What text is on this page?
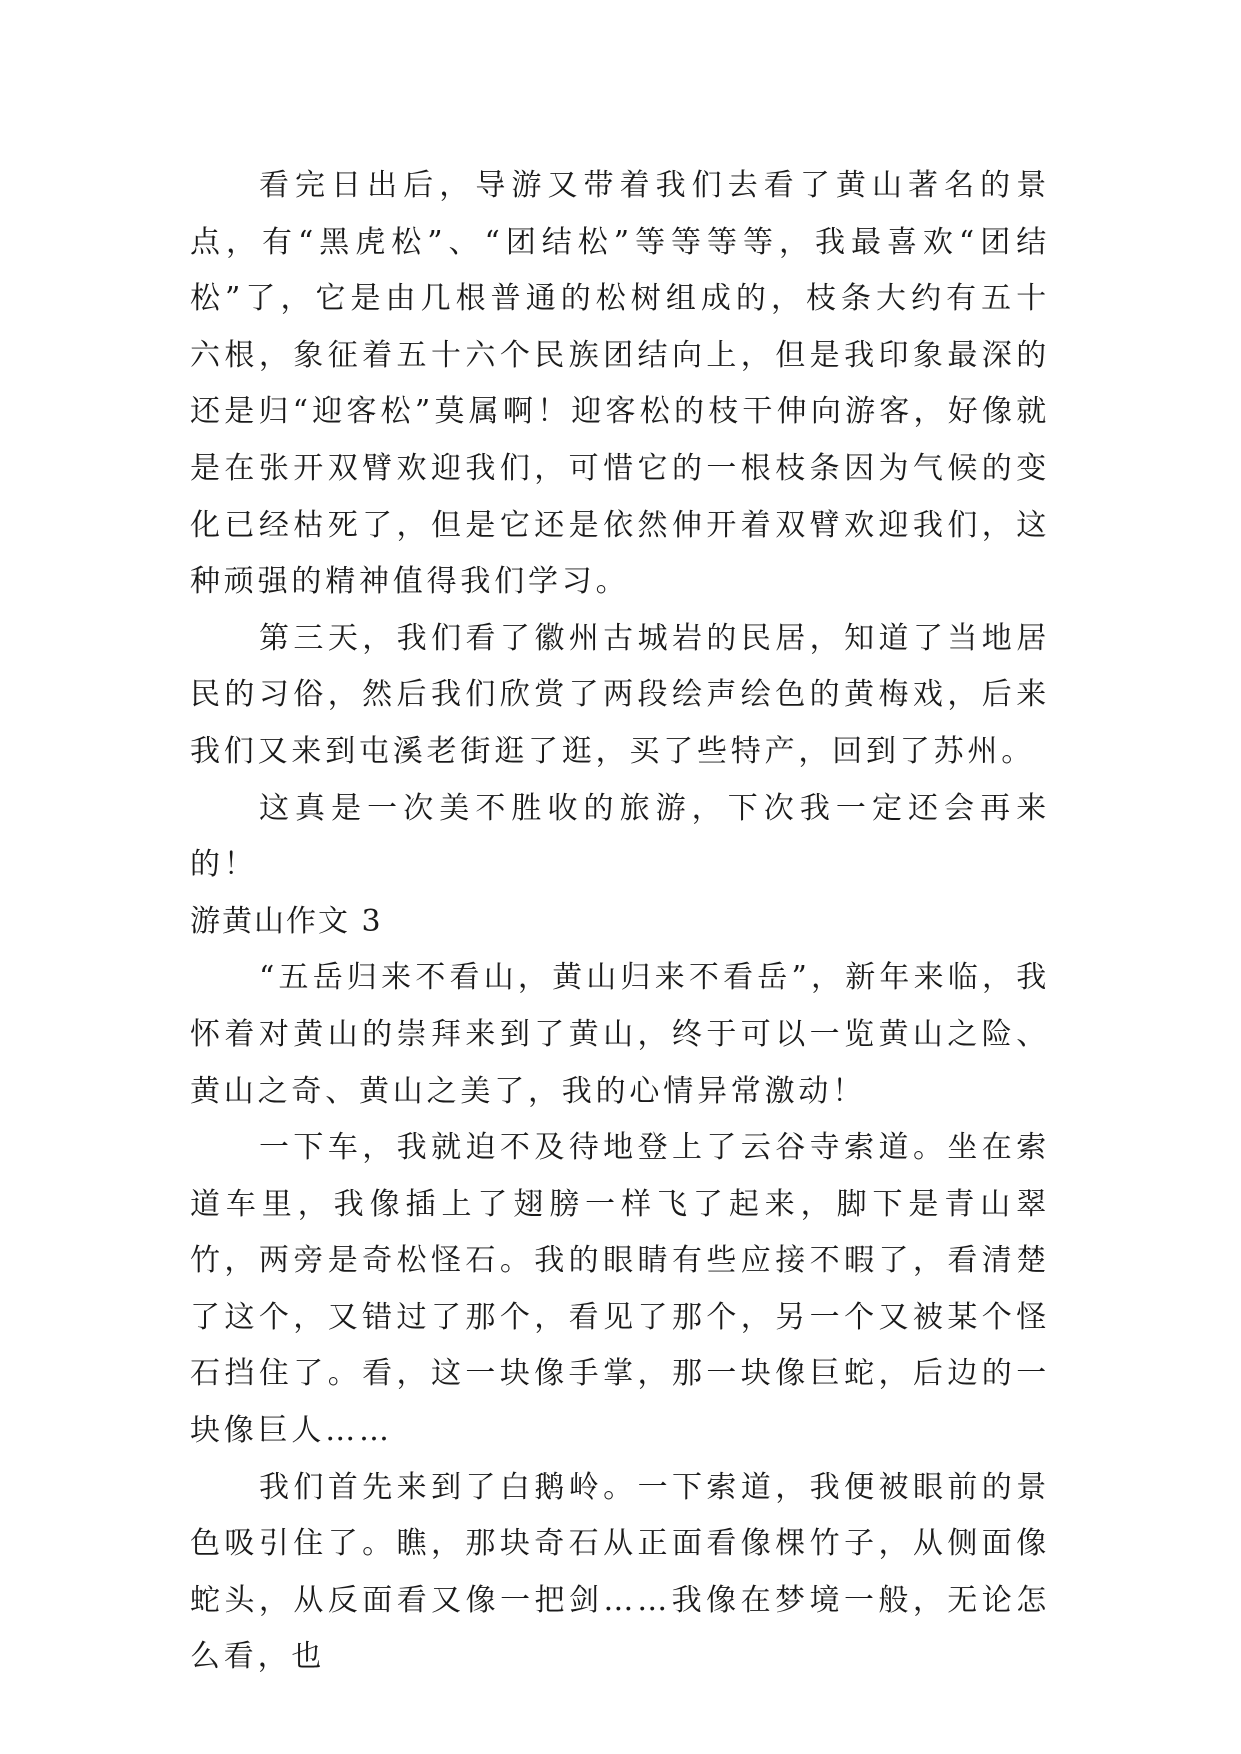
看完日出后，导游又带着我们去看了黄山著名的景点，有“黑虎松”、“团结松”等等等等，我最喜欢“团结松”了，它是由几根普通的松树组成的，枝条大约有五十六根，象征着五十六个民族团结向上，但是我印象最深的还是归“迎客松”莫属啊！迎客松的枝干伸向游客，好像就是在张开双臂欢迎我们，可惜它的一根枝条因为气候的变化已经枯死了，但是它还是依然伸开着双臂欢迎我们，这种顽强的精神值得我们学习。

第三天，我们看了徽州古城岩的民居，知道了当地居民的习俗，然后我们欣赏了两段绘声绘色的黄梅戏，后来我们又来到屯溪老街逛了逛，买了些特产，回到了苏州。

这真是一次美不胜收的旅游，下次我一定还会再来的！

游黄山作文 3

“五岳归来不看山，黄山归来不看岳”，新年来临，我怀着对黄山的崇拜来到了黄山，终于可以一览黄山之险、黄山之奇、黄山之美了，我的心情异常激动！

一下车，我就迫不及待地登上了云谷寺索道。坐在索道车里，我像插上了翅膀一样飞了起来，脚下是青山翠竹，两旁是奇松怪石。我的眼睛有些应接不暇了，看清楚了这个，又错过了那个，看见了那个，另一个又被某个怪石挡住了。看，这一块像手掌，那一块像巨蛇，后边的一块像巨人……

我们首先来到了白鹅岭。一下索道，我便被眼前的景色吸引住了。瞧，那块奇石从正面看像棵竹子，从侧面像蛇头，从反面看又像一把剑……我像在梦境一般，无论怎么看，也
